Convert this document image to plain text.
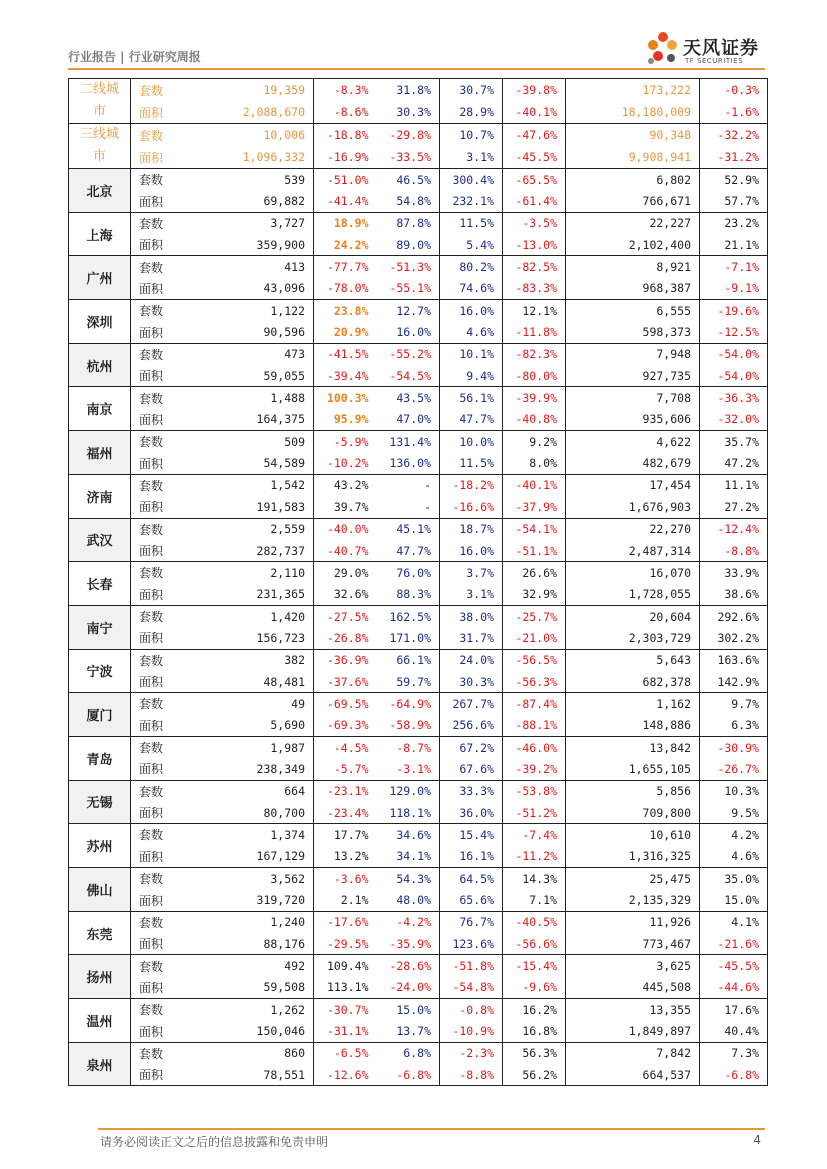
行业报告 | 行业研究周报	天风证券
TF SECURITIES
二线城市	套数	19,359	-8.3%	31.8%	30.7%	-39.8%	173,222	-0.3%
	面积	2,088,670	-8.6%	30.3%	28.9%	-40.1%	18,180,009	-1.6%
三线城市	套数	10,006	-18.8%	-29.8%	10.7%	-47.6%	90,348	-32.2%
	面积	1,096,332	-16.9%	-33.5%	3.1%	-45.5%	9,908,941	-31.2%
北京	套数	539	-51.0%	46.5%	300.4%	-65.5%	6,802	52.9%
	面积	69,882	-41.4%	54.8%	232.1%	-61.4%	766,671	57.7%
上海	套数	3,727	18.9%	87.8%	11.5%	-3.5%	22,227	23.2%
	面积	359,900	24.2%	89.0%	5.4%	-13.0%	2,102,400	21.1%
广州	套数	413	-77.7%	-51.3%	80.2%	-82.5%	8,921	-7.1%
	面积	43,096	-78.0%	-55.1%	74.6%	-83.3%	968,387	-9.1%
深圳	套数	1,122	23.8%	12.7%	16.0%	12.1%	6,555	-19.6%
	面积	90,596	20.9%	16.0%	4.6%	-11.8%	598,373	-12.5%
杭州	套数	473	-41.5%	-55.2%	10.1%	-82.3%	7,948	-54.0%
	面积	59,055	-39.4%	-54.5%	9.4%	-80.0%	927,735	-54.0%
南京	套数	1,488	100.3%	43.5%	56.1%	-39.9%	7,708	-36.3%
	面积	164,375	95.9%	47.0%	47.7%	-40.8%	935,606	-32.0%
福州	套数	509	-5.9%	131.4%	10.0%	9.2%	4,622	35.7%
	面积	54,589	-10.2%	136.0%	11.5%	8.0%	482,679	47.2%
济南	套数	1,542	43.2%	-	-18.2%	-40.1%	17,454	11.1%
	面积	191,583	39.7%	-	-16.6%	-37.9%	1,676,903	27.2%
武汉	套数	2,559	-40.0%	45.1%	18.7%	-54.1%	22,270	-12.4%
	面积	282,737	-40.7%	47.7%	16.0%	-51.1%	2,487,314	-8.8%
长春	套数	2,110	29.0%	76.0%	3.7%	26.6%	16,070	33.9%
	面积	231,365	32.6%	88.3%	3.1%	32.9%	1,728,055	38.6%
南宁	套数	1,420	-27.5%	162.5%	38.0%	-25.7%	20,604	292.6%
	面积	156,723	-26.8%	171.0%	31.7%	-21.0%	2,303,729	302.2%
宁波	套数	382	-36.9%	66.1%	24.0%	-56.5%	5,643	163.6%
	面积	48,481	-37.6%	59.7%	30.3%	-56.3%	682,378	142.9%
厦门	套数	49	-69.5%	-64.9%	267.7%	-87.4%	1,162	9.7%
	面积	5,690	-69.3%	-58.9%	256.6%	-88.1%	148,886	6.3%
青岛	套数	1,987	-4.5%	-8.7%	67.2%	-46.0%	13,842	-30.9%
	面积	238,349	-5.7%	-3.1%	67.6%	-39.2%	1,655,105	-26.7%
无锡	套数	664	-23.1%	129.0%	33.3%	-53.8%	5,856	10.3%
	面积	80,700	-23.4%	118.1%	36.0%	-51.2%	709,800	9.5%
苏州	套数	1,374	17.7%	34.6%	15.4%	-7.4%	10,610	4.2%
	面积	167,129	13.2%	34.1%	16.1%	-11.2%	1,316,325	4.6%
佛山	套数	3,562	-3.6%	54.3%	64.5%	14.3%	25,475	35.0%
	面积	319,720	2.1%	48.0%	65.6%	7.1%	2,135,329	15.0%
东莞	套数	1,240	-17.6%	-4.2%	76.7%	-40.5%	11,926	4.1%
	面积	88,176	-29.5%	-35.9%	123.6%	-56.6%	773,467	-21.6%
扬州	套数	492	109.4%	-28.6%	-51.8%	-15.4%	3,625	-45.5%
	面积	59,508	113.1%	-24.0%	-54.8%	-9.6%	445,508	-44.6%
温州	套数	1,262	-30.7%	15.0%	-0.8%	16.2%	13,355	17.6%
	面积	150,046	-31.1%	13.7%	-10.9%	16.8%	1,849,897	40.4%
泉州	套数	860	-6.5%	6.8%	-2.3%	56.3%	7,842	7.3%
	面积	78,551	-12.6%	-6.8%	-8.8%	56.2%	664,537	-6.8%
请务必阅读正文之后的信息披露和免责申明	4
